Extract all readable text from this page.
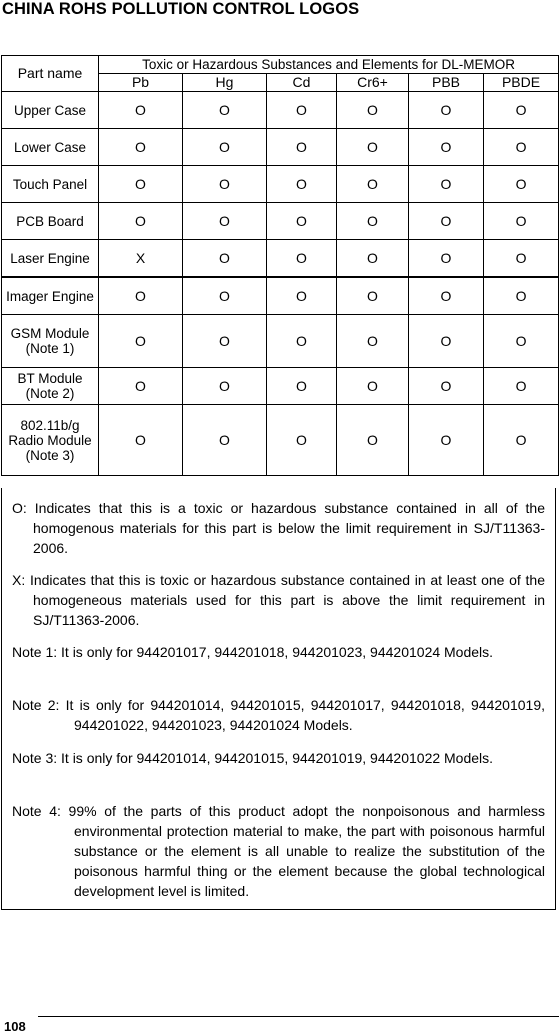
CHINA ROHS POLLUTION CONTROL LOGOS
Part name	Toxic or Hazardous Substances and Elements for DL-MEMOR					
	Pb	Hg	Cd	Cr6+	PBB	PBDE
Upper Case	O	O	O	O	O	O
Lower Case	O	O	O	O	O	O
Touch Panel	O	O	O	O	O	O
PCB Board	O	O	O	O	O	O
Laser Engine	X	O	O	O	O	O
Imager Engine	O	O	O	O	O	O
GSM Module (Note 1)	O	O	O	O	O	O
BT Module (Note 2)	O	O	O	O	O	O
802.11b/g Radio Module (Note 3)	O	O	O	O	O	O
O: Indicates that this is a toxic or hazardous substance contained in all of the homogenous materials for this part is below the limit requirement in SJ/T11363-2006.
X: Indicates that this is toxic or hazardous substance contained in at least one of the homogeneous materials used for this part is above the limit requirement in SJ/T11363-2006.
Note 1: It is only for 944201017, 944201018, 944201023, 944201024 Models.
Note 2: It is only for 944201014, 944201015, 944201017, 944201018, 944201019, 944201022, 944201023, 944201024 Models.
Note 3: It is only for 944201014, 944201015, 944201019, 944201022 Models.
Note 4: 99% of the parts of this product adopt the nonpoisonous and harmless environmental protection material to make, the part with poisonous harmful substance or the element is all unable to realize the substitution of the poisonous harmful thing or the element because the global technological development level is limited.
108
